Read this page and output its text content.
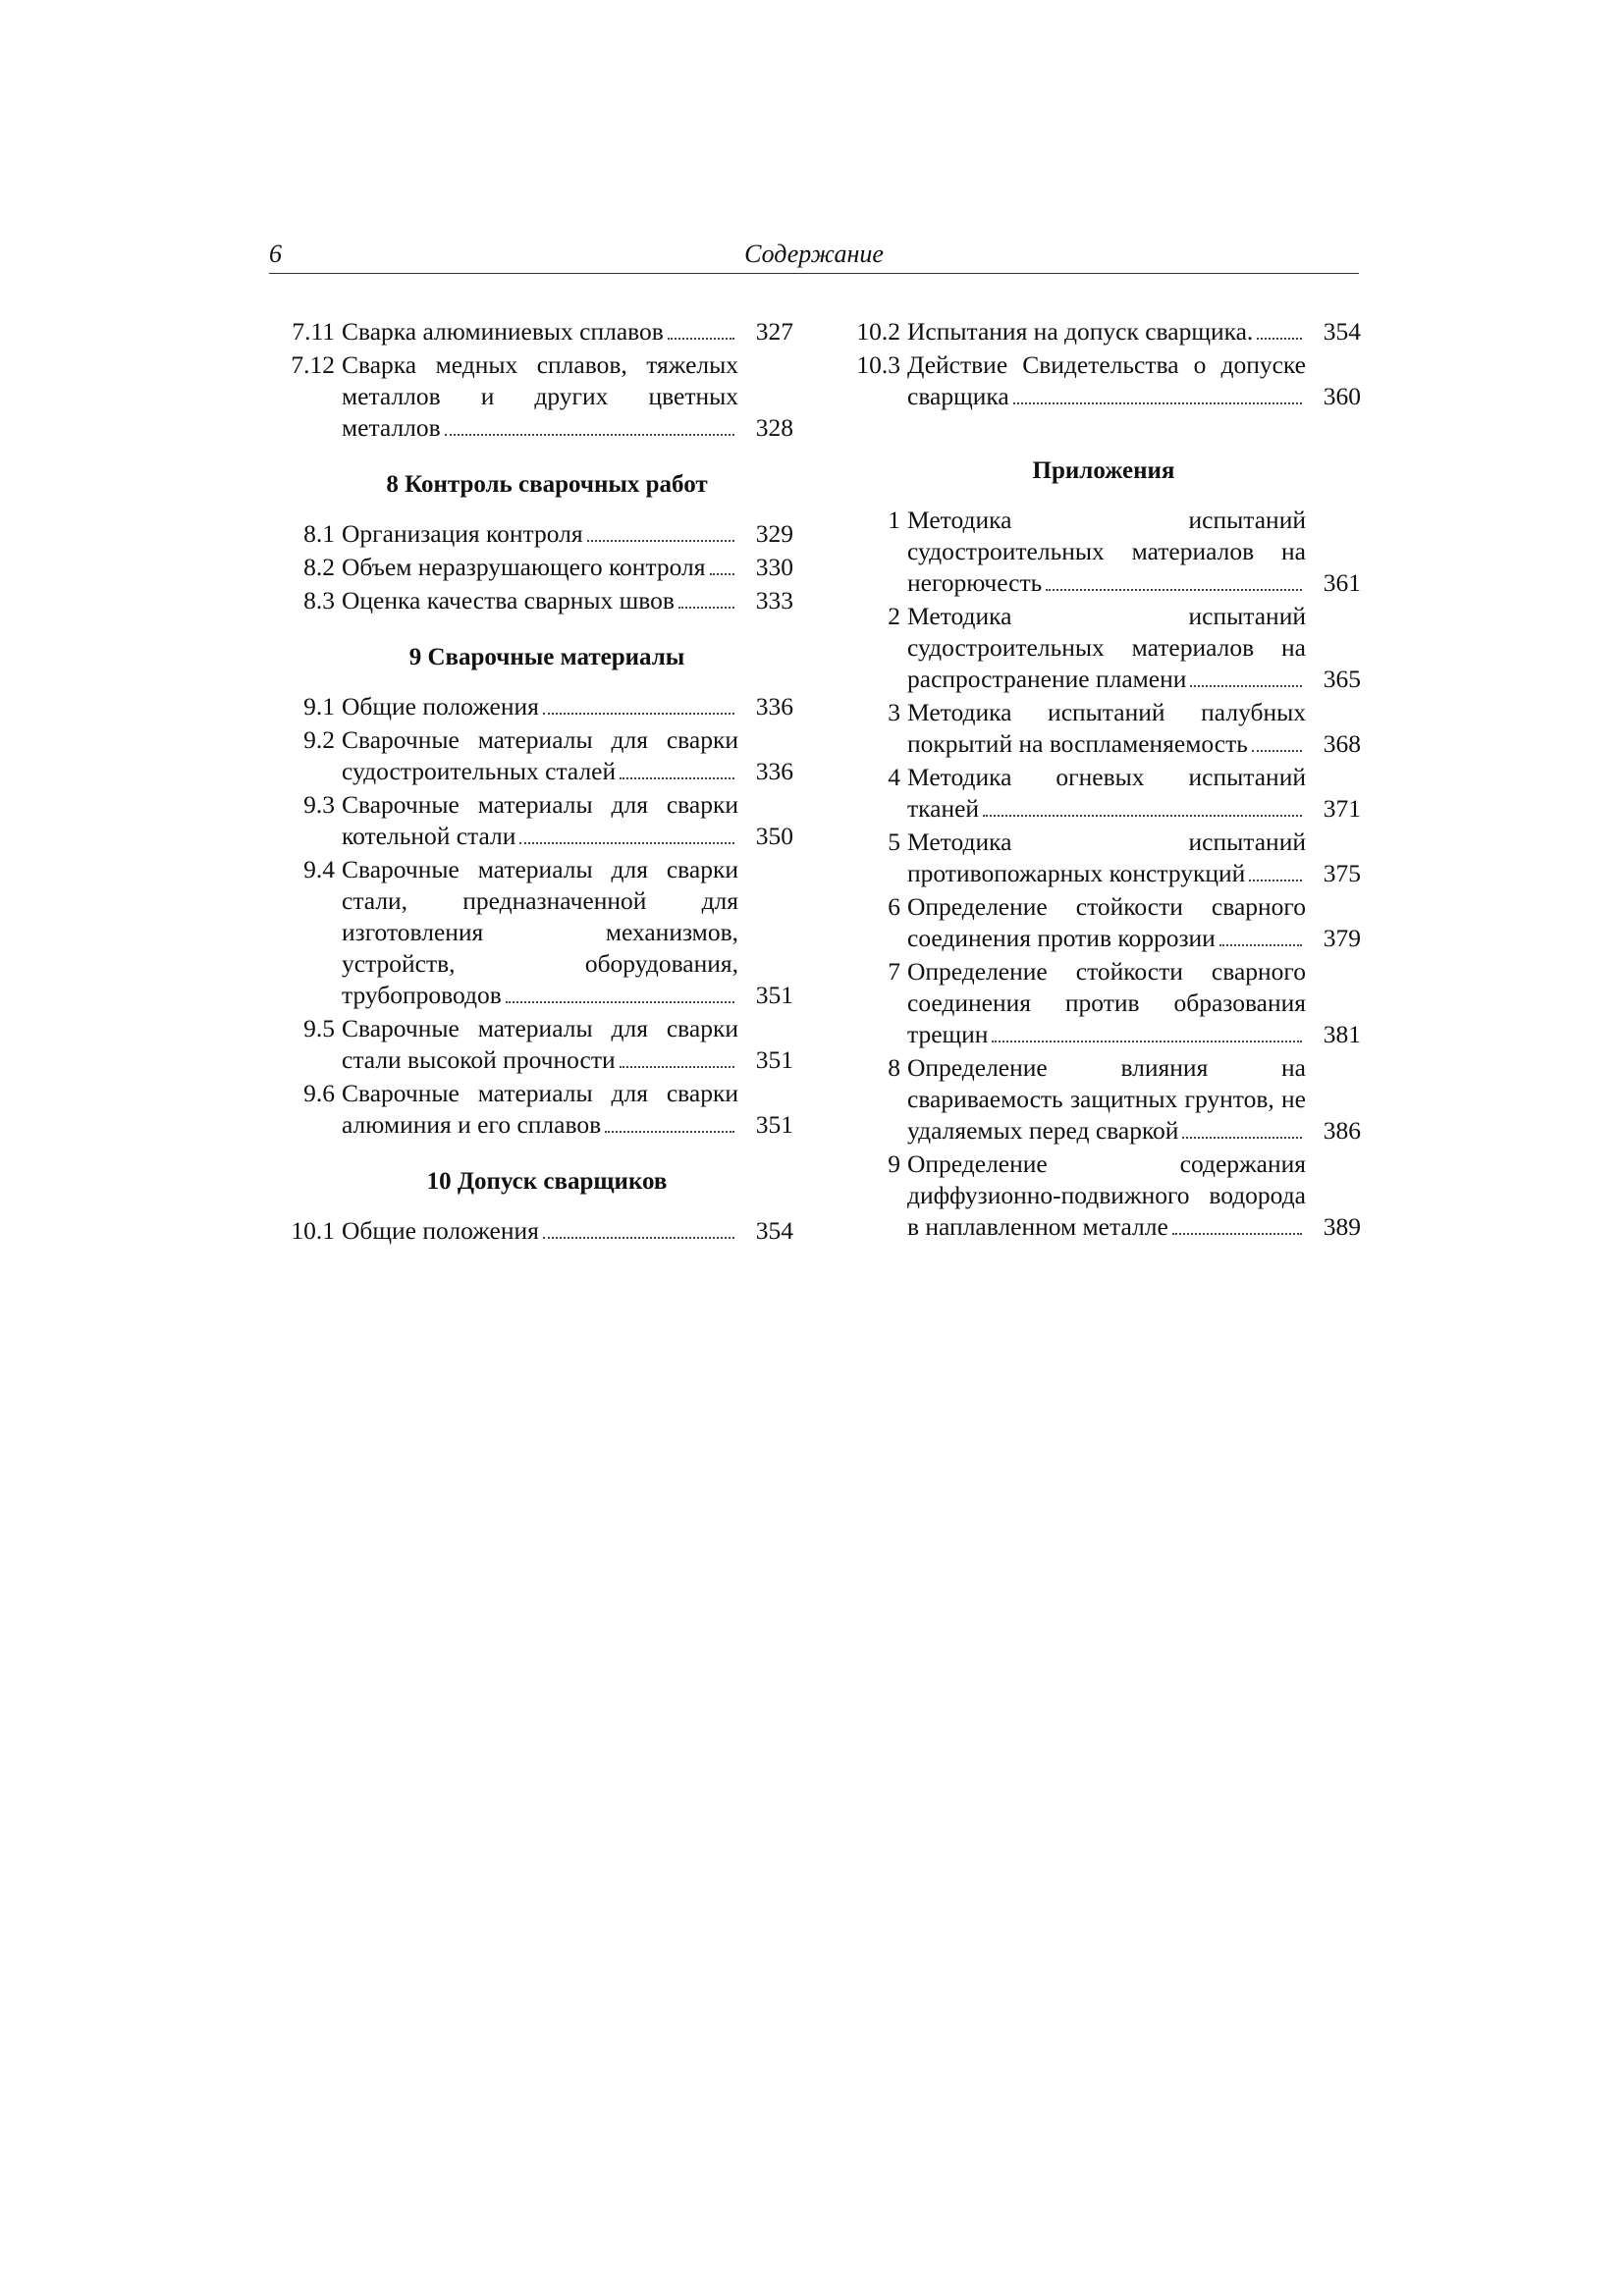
6	Содержание
7.11 Сварка алюминиевых сплавов	327
7.12 Сварка медных сплавов, тяжелых металлов и других цветных металлов	328
8 Контроль сварочных работ
8.1 Организация контроля	329
8.2 Объем неразрушающего контроля	330
8.3 Оценка качества сварных швов	333
9 Сварочные материалы
9.1 Общие положения	336
9.2 Сварочные материалы для сварки судостроительных сталей	336
9.3 Сварочные материалы для сварки котельной стали	350
9.4 Сварочные материалы для сварки стали, предназначенной для изготовления механизмов, устройств, оборудования, трубопроводов	351
9.5 Сварочные материалы для сварки стали высокой прочности	351
9.6 Сварочные материалы для сварки алюминия и его сплавов	351
10 Допуск сварщиков
10.1 Общие положения	354
10.2 Испытания на допуск сварщика.	354
10.3 Действие Свидетельства о допуске сварщика	360
Приложения
1 Методика испытаний судостроительных материалов на негорючесть	361
2 Методика испытаний судостроительных материалов на распространение пламени	365
3 Методика испытаний палубных покрытий на воспламеняемость	368
4 Методика огневых испытаний тканей	371
5 Методика испытаний противопожарных конструкций	375
6 Определение стойкости сварного соединения против коррозии	379
7 Определение стойкости сварного соединения против образования трещин	381
8 Определение влияния на свариваемость защитных грунтов, не удаляемых перед сваркой	386
9 Определение содержания диффузионно-подвижного водорода в наплавленном металле	389
